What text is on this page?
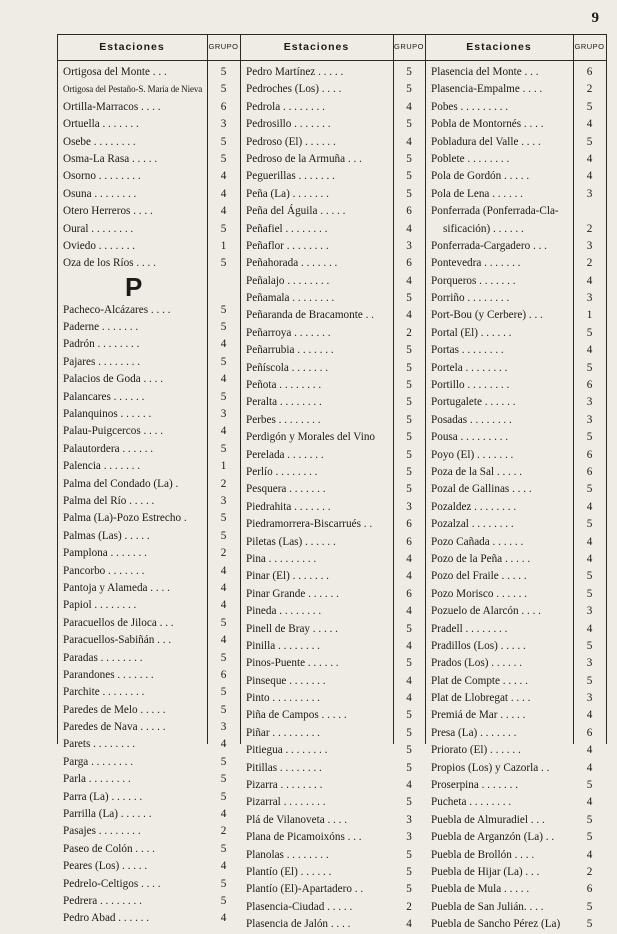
9
Estaciones	GRUPO	Estaciones	GRUPO	Estaciones	GRUPO
Ortigosa del Monte . . .	5
Ortigosa del Pestaño-S. María de Nieva	5
Ortilla-Marracos . . . .	6
Ortuella . . . . . . .	3
Osebe . . . . . . . .	5
Osma-La Rasa . . . . .	5
Osorno . . . . . . . .	4
Osuna . . . . . . . .	4
Otero Herreros . . . .	4
Oural . . . . . . . .	5
Oviedo . . . . . . .	1
Oza de los Ríos . . . .	5
P
Pacheco-Alcázares . . . .	5
Paderne . . . . . . .	5
Padrón . . . . . . . .	4
Pajares . . . . . . . .	5
Palacios de Goda . . . .	4
Palancares . . . . . .	5
Palanquinos . . . . . .	3
Palau-Puigcercos . . . .	4
Palautordera . . . . . .	5
Palencia . . . . . . .	1
Palma del Condado (La) .	2
Palma del Río . . . . .	3
Palma (La)-Pozo Estrecho .	5
Palmas (Las) . . . . .	5
Pamplona . . . . . . .	2
Pancorbo . . . . . . .	4
Pantoja y Alameda . . . .	4
Papiol . . . . . . . .	4
Paracuellos de Jiloca . . .	5
Paracuellos-Sabiñán . . .	4
Paradas . . . . . . . .	5
Parandones . . . . . . .	6
Parchite . . . . . . . .	5
Paredes de Melo . . . . .	5
Paredes de Nava . . . . .	3
Parets . . . . . . . .	4
Parga . . . . . . . .	5
Parla . . . . . . . .	5
Parra (La) . . . . . .	5
Parrilla (La) . . . . . .	4
Pasajes . . . . . . . .	2
Paseo de Colón . . . .	5
Peares (Los) . . . . .	4
Pedrelo-Celtigos . . . .	5
Pedrera . . . . . . . .	5
Pedro Abad . . . . . .	4
Pedro Martínez . . . . .	5
Pedroches (Los) . . . .	5
Pedrola . . . . . . . .	4
Pedrosillo . . . . . . .	5
Pedroso (El) . . . . . .	4
Pedroso de la Armuña . . .	5
Peguerillas . . . . . . .	5
Peña (La) . . . . . . .	5
Peña del Águila . . . . .	6
Peñafiel . . . . . . . .	4
Peñaflor . . . . . . . .	3
Peñahorada . . . . . . .	6
Peñalajo . . . . . . . .	4
Peñamala . . . . . . . .	5
Peñaranda de Bracamonte . .	4
Peñarroya . . . . . . .	2
Peñarrubia . . . . . . .	5
Peñíscola . . . . . . .	5
Peñota . . . . . . . .	5
Peralta . . . . . . . .	5
Perbes . . . . . . . .	5
Perdigón y Morales del Vino	5
Perelada . . . . . . .	5
Perlío . . . . . . . .	5
Pesquera . . . . . . .	5
Piedrahita . . . . . . .	3
Piedramorrera-Biscarrués . .	6
Piletas (Las) . . . . . .	6
Pina . . . . . . . . .	4
Pinar (El) . . . . . . .	4
Pinar Grande . . . . . .	6
Pineda . . . . . . . .	4
Pinell de Bray . . . . .	5
Pinilla . . . . . . . .	4
Pinos-Puente . . . . . .	5
Pinseque . . . . . . .	4
Pinto . . . . . . . . .	4
Piña de Campos . . . . .	5
Piñar . . . . . . . . .	5
Pitiegua . . . . . . . .	5
Pitillas . . . . . . . .	5
Pizarra . . . . . . . .	4
Pizarral . . . . . . . .	5
Plá de Vilanoveta . . . .	3
Plana de Picamoixóns . . .	3
Planolas . . . . . . . .	5
Plantío (El) . . . . . .	5
Plantío (El)-Apartadero . .	5
Plasencia-Ciudad . . . . .	2
Plasencia de Jalón . . . .	4
Plasencia del Monte . . .	6
Plasencia-Empalme . . . .	2
Pobes . . . . . . . . .	5
Pobla de Montornés . . . .	4
Pobladura del Valle . . . .	5
Poblete . . . . . . . .	4
Pola de Gordón . . . . .	4
Pola de Lena . . . . . .	3
Ponferrada (Ponferrada-Cla-
sificación) . . . . . .	2
Ponferrada-Cargadero . . .	3
Pontevedra . . . . . . .	2
Porqueros . . . . . . .	4
Porriño . . . . . . . .	3
Port-Bou (y Cerbere) . . .	1
Portal (El) . . . . . .	5
Portas . . . . . . . .	4
Portela . . . . . . . .	5
Portillo . . . . . . . .	6
Portugalete . . . . . .	3
Posadas . . . . . . . .	3
Pousa . . . . . . . . .	5
Poyo (El) . . . . . . .	6
Poza de la Sal . . . . .	6
Pozal de Gallinas . . . .	5
Pozaldez . . . . . . . .	4
Pozalzal . . . . . . . .	5
Pozo Cañada . . . . . .	4
Pozo de la Peña . . . . .	4
Pozo del Fraile . . . . .	5
Pozo Morisco . . . . . .	5
Pozuelo de Alarcón . . . .	3
Pradell . . . . . . . .	4
Pradillos (Los) . . . . .	5
Prados (Los) . . . . . .	3
Plat de Compte . . . . .	5
Plat de Llobregat . . . .	3
Premiá de Mar . . . . .	4
Presa (La) . . . . . . .	6
Priorato (El) . . . . . .	4
Propios (Los) y Cazorla . .	4
Proserpina . . . . . . .	5
Pucheta . . . . . . . .	4
Puebla de Almuradiel . . .	5
Puebla de Arganzón (La) . .	5
Puebla de Brollón . . . .	4
Puebla de Hijar (La) . . .	2
Puebla de Mula . . . . .	6
Puebla de San Julián. . . .	5
Puebla de Sancho Pérez (La)	5
